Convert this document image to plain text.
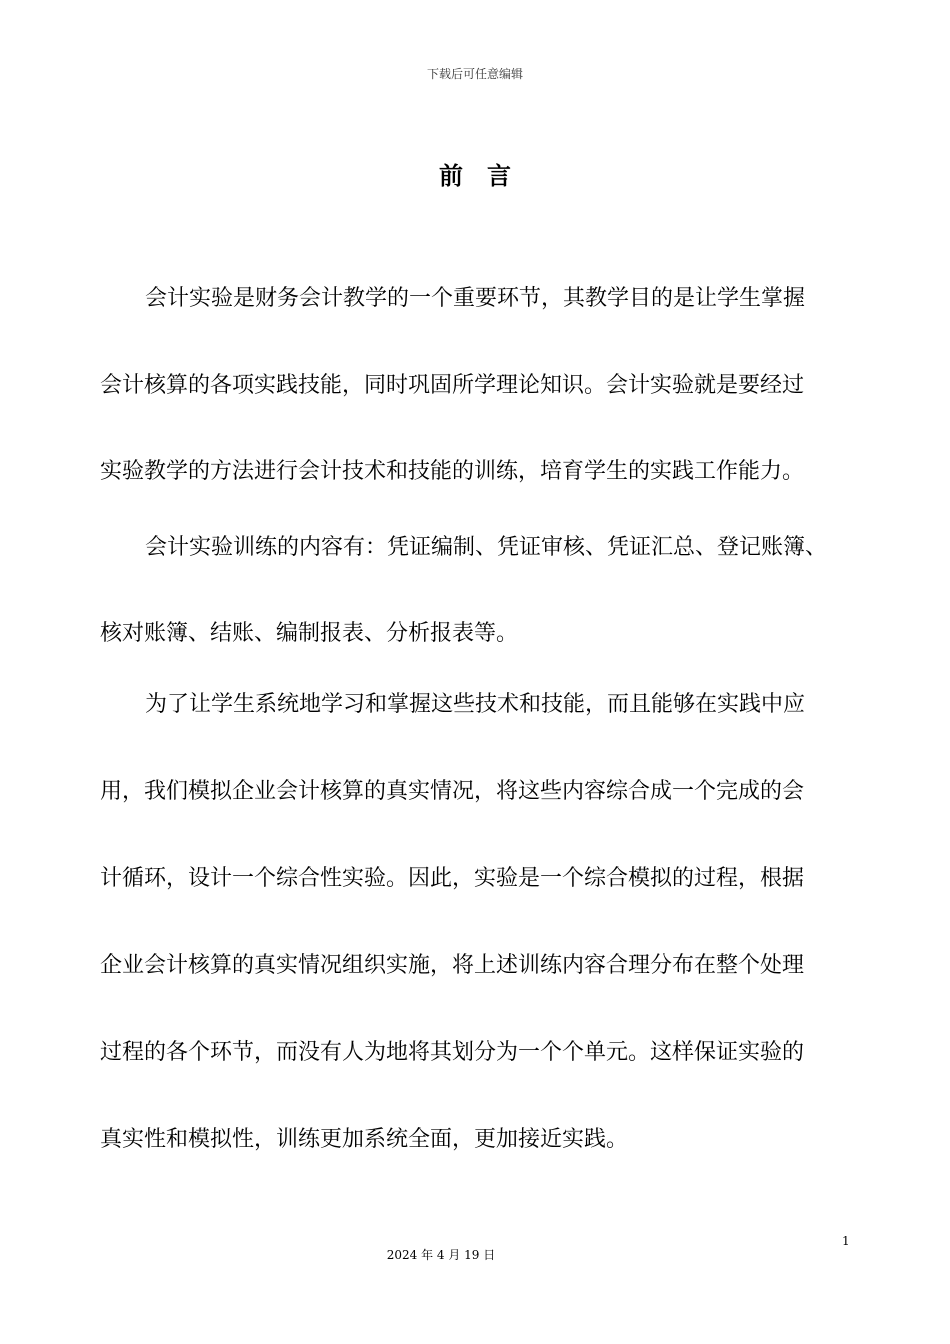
下载后可任意编辑
前言
会计实验是财务会计教学的一个重要环节，其教学目的是让学生掌握
会计核算的各项实践技能，同时巩固所学理论知识。会计实验就是要经过
实验教学的方法进行会计技术和技能的训练，培育学生的实践工作能力。
会计实验训练的内容有：凭证编制、凭证审核、凭证汇总、登记账簿、
核对账簿、结账、编制报表、分析报表等。
为了让学生系统地学习和掌握这些技术和技能，而且能够在实践中应
用，我们模拟企业会计核算的真实情况，将这些内容综合成一个完成的会
计循环，设计一个综合性实验。因此，实验是一个综合模拟的过程，根据
企业会计核算的真实情况组织实施，将上述训练内容合理分布在整个处理
过程的各个环节，而没有人为地将其划分为一个个单元。这样保证实验的
真实性和模拟性，训练更加系统全面，更加接近实践。
1
2024 年 4 月 19 日
